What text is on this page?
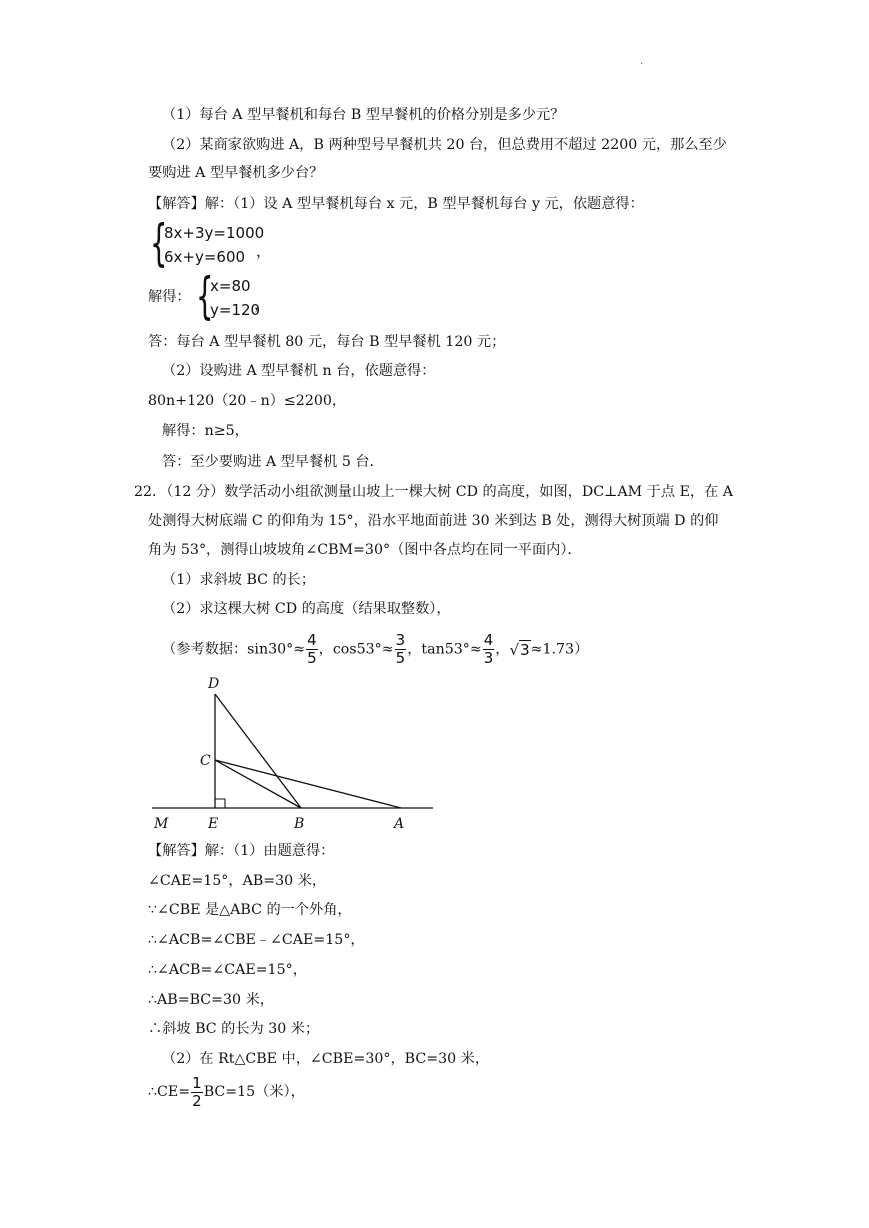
.
（1）每台 A 型早餐机和每台 B 型早餐机的价格分别是多少元？
（2）某商家欲购进 A，B 两种型号早餐机共 20 台，但总费用不超过 2200 元，那么至少
要购进 A 型早餐机多少台？
【解答】解：（1）设 A 型早餐机每台 x 元，B 型早餐机每台 y 元，依题意得：
{
8x+3y=1000
6x+y=600 ，
解得： {
x=80
y=120
，
答：每台 A 型早餐机 80 元，每台 B 型早餐机 120 元；
（2）设购进 A 型早餐机 n 台，依题意得：
80n+120（20﹣n）≤2200，
解得：n≥5，
答：至少要购进 A 型早餐机 5 台．
22．（12 分）数学活动小组欲测量山坡上一棵大树 CD 的高度，如图，DC⊥AM 于点 E，在 A
处测得大树底端 C 的仰角为 15°，沿水平地面前进 30 米到达 B 处，测得大树顶端 D 的仰
角为 53°，测得山坡坡角∠CBM=30°（图中各点均在同一平面内）．
（1）求斜坡 BC 的长；
（2）求这棵大树 CD 的高度（结果取整数），
（参考数据：$\sin 30^\circ\approx \frac{4}{5}$ ，$\cos 53^\circ\approx \frac{3}{5}$ ，$\tan 53^\circ\approx \frac{4}{3}$ ，√3≈1.73）
D
C
M	E	B	A
【解答】解：（1）由题意得：
∠CAE=15°，AB=30 米，
∵∠CBE 是△ABC 的一个外角，
∴∠ACB=∠CBE﹣∠CAE=15°，
∴∠ACB=∠CAE=15°，
∴AB=BC=30 米，
∴斜坡 BC 的长为 30 米；
（2）在 Rt△CBE 中，∠CBE=30°，BC=30 米，
∴CE= $\frac{1}{2} BC=15$（米），
